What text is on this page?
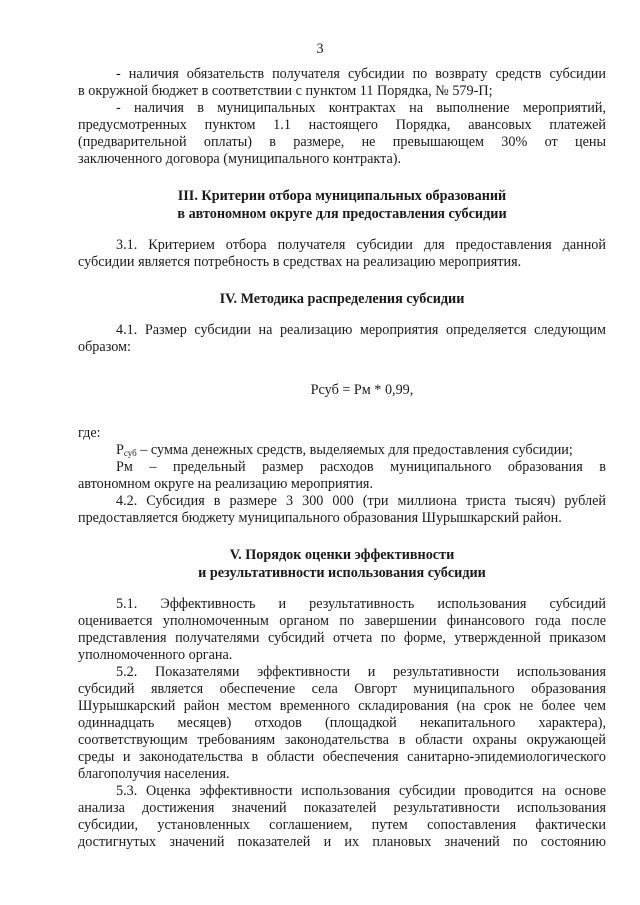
3

- наличия обязательств получателя субсидии по возврату средств субсидии

в окружной бюджет в соответствии с пунктом 11 Порядка, № 579-П;

- наличия в муниципальных контрактах на выполнение мероприятий,

предусмотренных пунктом 1.1 настоящего Порядка, авансовых платежей

(предварительной оплаты) в размере, не превышающем 30% от цены

заключенного договора (муниципального контракта).

III. Критерии отбора муниципальных образований
в автономном округе для предоставления субсидии

3.1. Критерием отбора получателя субсидии для предоставления данной

субсидии является потребность в средствах на реализацию мероприятия.

IV. Методика распределения субсидии

4.1. Размер субсидии на реализацию мероприятия определяется следующим

образом:

Рсуб = Рм * 0,99,

где:

$Р_{суб}$ – сумма денежных средств, выделяемых для предоставления субсидии;

Рм – предельный размер расходов муниципального образования в

автономном округе на реализацию мероприятия.

4.2. Субсидия в размере 3 300 000 (три миллиона триста тысяч) рублей

предоставляется бюджету муниципального образования Шурышкарский район.

V. Порядок оценки эффективности
и результативности использования субсидии

5.1. Эффективность и результативность использования субсидий

оценивается уполномоченным органом по завершении финансового года после

представления получателями субсидий отчета по форме, утвержденной приказом

уполномоченного органа.

5.2. Показателями эффективности и результативности использования

субсидий является обеспечение села Овгорт муниципального образования

Шурышкарский район местом временного складирования (на срок не более чем

одиннадцать месяцев) отходов (площадкой некапитального характера),

соответствующим требованиям законодательства в области охраны окружающей

среды и законодательства в области обеспечения санитарно-эпидемиологического

благополучия населения.

5.3. Оценка эффективности использования субсидии проводится на основе

анализа достижения значений показателей результативности использования

субсидии, установленных соглашением, путем сопоставления фактически

достигнутых значений показателей и их плановых значений по состоянию
